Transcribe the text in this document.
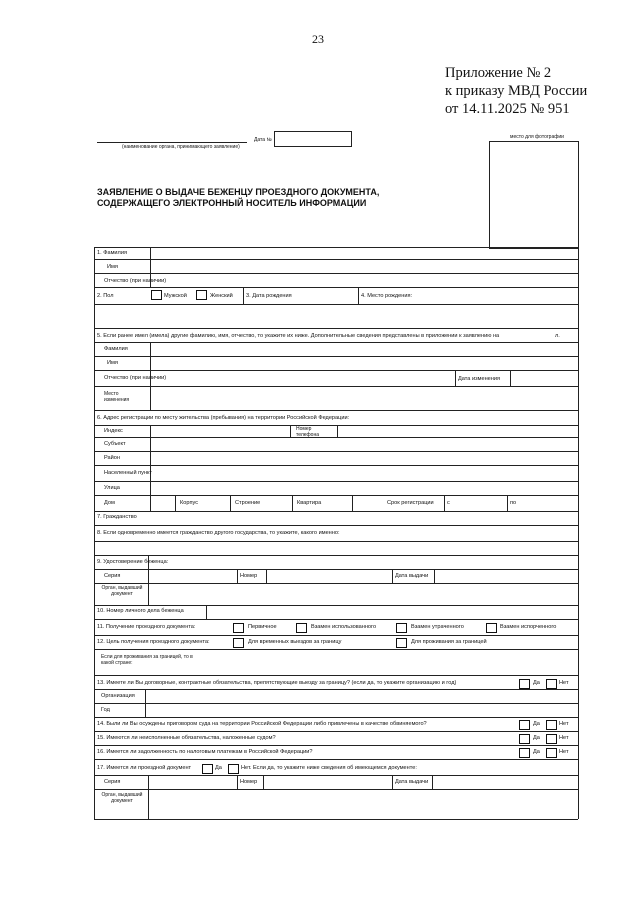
23
Приложение № 2
к приказу МВД России
от 14.11.2025 № 951
(наименование органа, принимающего заявление)
Дата №	место для фотографии
ЗАЯВЛЕНИЕ О ВЫДАЧЕ БЕЖЕНЦУ ПРОЕЗДНОГО ДОКУМЕНТА,
СОДЕРЖАЩЕГО ЭЛЕКТРОННЫЙ НОСИТЕЛЬ ИНФОРМАЦИИ
1. Фамилия
Имя
Отчество (при наличии)
2. Пол	Мужской	Женский 3. Дата рождения	4. Место рождения:
5. Если ранее имел (имела) другие фамилию, имя, отчество, то укажите их ниже. Дополнительные сведения представлены в приложении к заявлению на	л.
Фамилия
Имя
Отчество (при наличии)	Дата изменения
Место изменения
6. Адрес регистрации по месту жительства (пребывания) на территории Российской Федерации:
Индекс	Номер телефона
Субъект
Район
Населенный пункт
Улица
Дом	Корпус	Строение	Квартира	Срок регистрации с	по
7. Гражданство
8. Если одновременно имеется гражданство другого государства, то укажите, какого именно:
9. Удостоверение беженца:
Серия	Номер	Дата выдачи
Орган, выдавший документ
10. Номер личного дела беженца
11. Получение проездного документа:	Первичное	Взамен использованного	Взамен утраченного	Взамен испорченного
12. Цель получения проездного документа:	Для временных выездов за границу	Для проживания за границей
Если для проживания за границей, то в какой стране:
13. Имеете ли Вы договорные, контрактные обязательства, препятствующие выезду за границу? (если да, то укажите организацию и год)	Да	Нет
Организация
Год
14. Были ли Вы осуждены приговором суда на территории Российской Федерации либо привлечены в качестве обвиняемого?	Да	Нет
15. Имеются ли неисполненные обязательства, наложенные судом?	Да	Нет
16. Имеется ли задолженность по налоговым платежам в Российской Федерации?	Да	Нет
17. Имеется ли проездной документ	Да	Нет. Если да, то укажите ниже сведения об имеющемся документе:
Серия	Номер	Дата выдачи
Орган, выдавший документ
